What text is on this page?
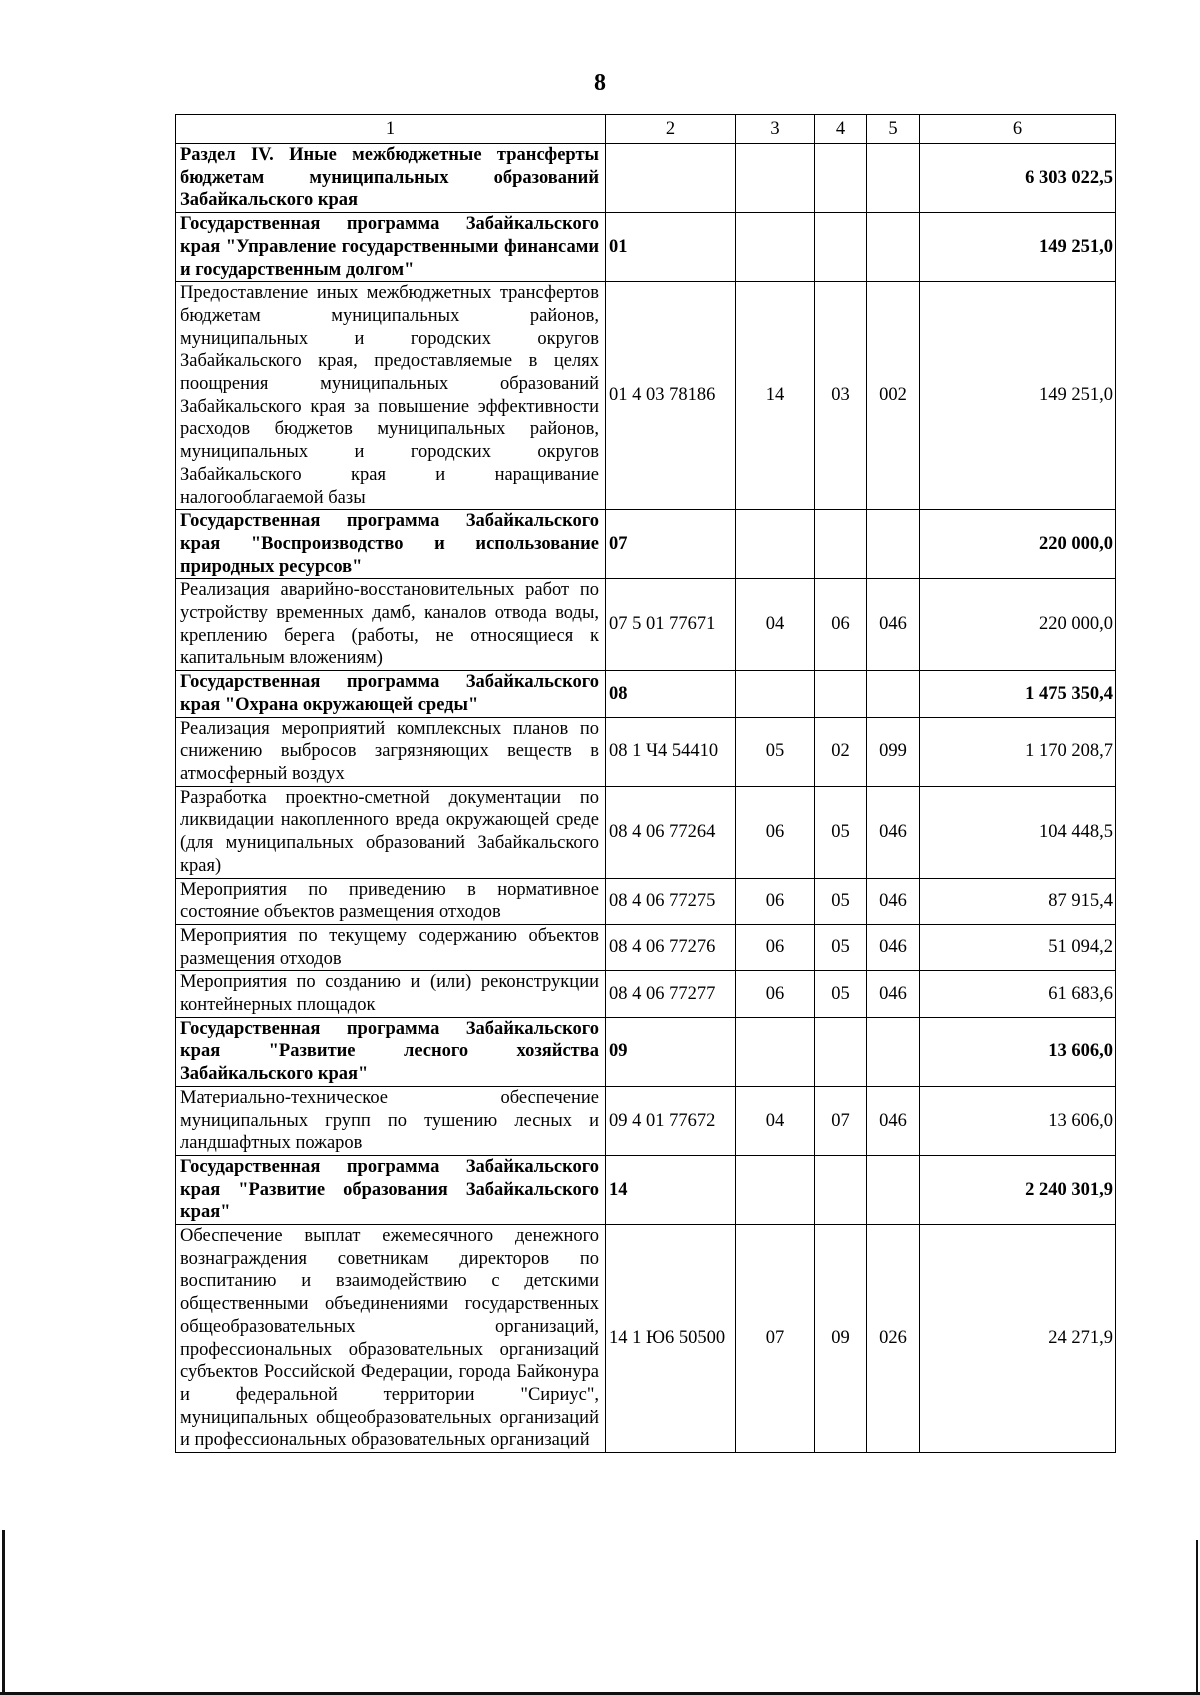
8
1	2	3	4	5	6
Раздел IV. Иные межбюджетные трансферты бюджетам муниципальных образований Забайкальского края					6 303 022,5
Государственная программа Забайкальского края "Управление государственными финансами и государственным долгом"	01				149 251,0
Предоставление иных межбюджетных трансфертов бюджетам муниципальных районов, муниципальных и городских округов Забайкальского края, предоставляемые в целях поощрения муниципальных образований Забайкальского края за повышение эффективности расходов бюджетов муниципальных районов, муниципальных и городских округов Забайкальского края и наращивание налогооблагаемой базы	01 4 03 78186	14	03	002	149 251,0
Государственная программа Забайкальского края "Воспроизводство и использование природных ресурсов"	07				220 000,0
Реализация аварийно-восстановительных работ по устройству временных дамб, каналов отвода воды, креплению берега (работы, не относящиеся к капитальным вложениям)	07 5 01 77671	04	06	046	220 000,0
Государственная программа Забайкальского края "Охрана окружающей среды"	08				1 475 350,4
Реализация мероприятий комплексных планов по снижению выбросов загрязняющих веществ в атмосферный воздух	08 1 Ч4 54410	05	02	099	1 170 208,7
Разработка проектно-сметной документации по ликвидации накопленного вреда окружающей среде (для муниципальных образований Забайкальского края)	08 4 06 77264	06	05	046	104 448,5
Мероприятия по приведению в нормативное состояние объектов размещения отходов	08 4 06 77275	06	05	046	87 915,4
Мероприятия по текущему содержанию объектов размещения отходов	08 4 06 77276	06	05	046	51 094,2
Мероприятия по созданию и (или) реконструкции контейнерных площадок	08 4 06 77277	06	05	046	61 683,6
Государственная программа Забайкальского края "Развитие лесного хозяйства Забайкальского края"	09				13 606,0
Материально-техническое обеспечение муниципальных групп по тушению лесных и ландшафтных пожаров	09 4 01 77672	04	07	046	13 606,0
Государственная программа Забайкальского края "Развитие образования Забайкальского края"	14				2 240 301,9
Обеспечение выплат ежемесячного денежного вознаграждения советникам директоров по воспитанию и взаимодействию с детскими общественными объединениями государственных общеобразовательных организаций, профессиональных образовательных организаций субъектов Российской Федерации, города Байконура и федеральной территории "Сириус", муниципальных общеобразовательных организаций и профессиональных образовательных организаций	14 1 Ю6 50500	07	09	026	24 271,9
